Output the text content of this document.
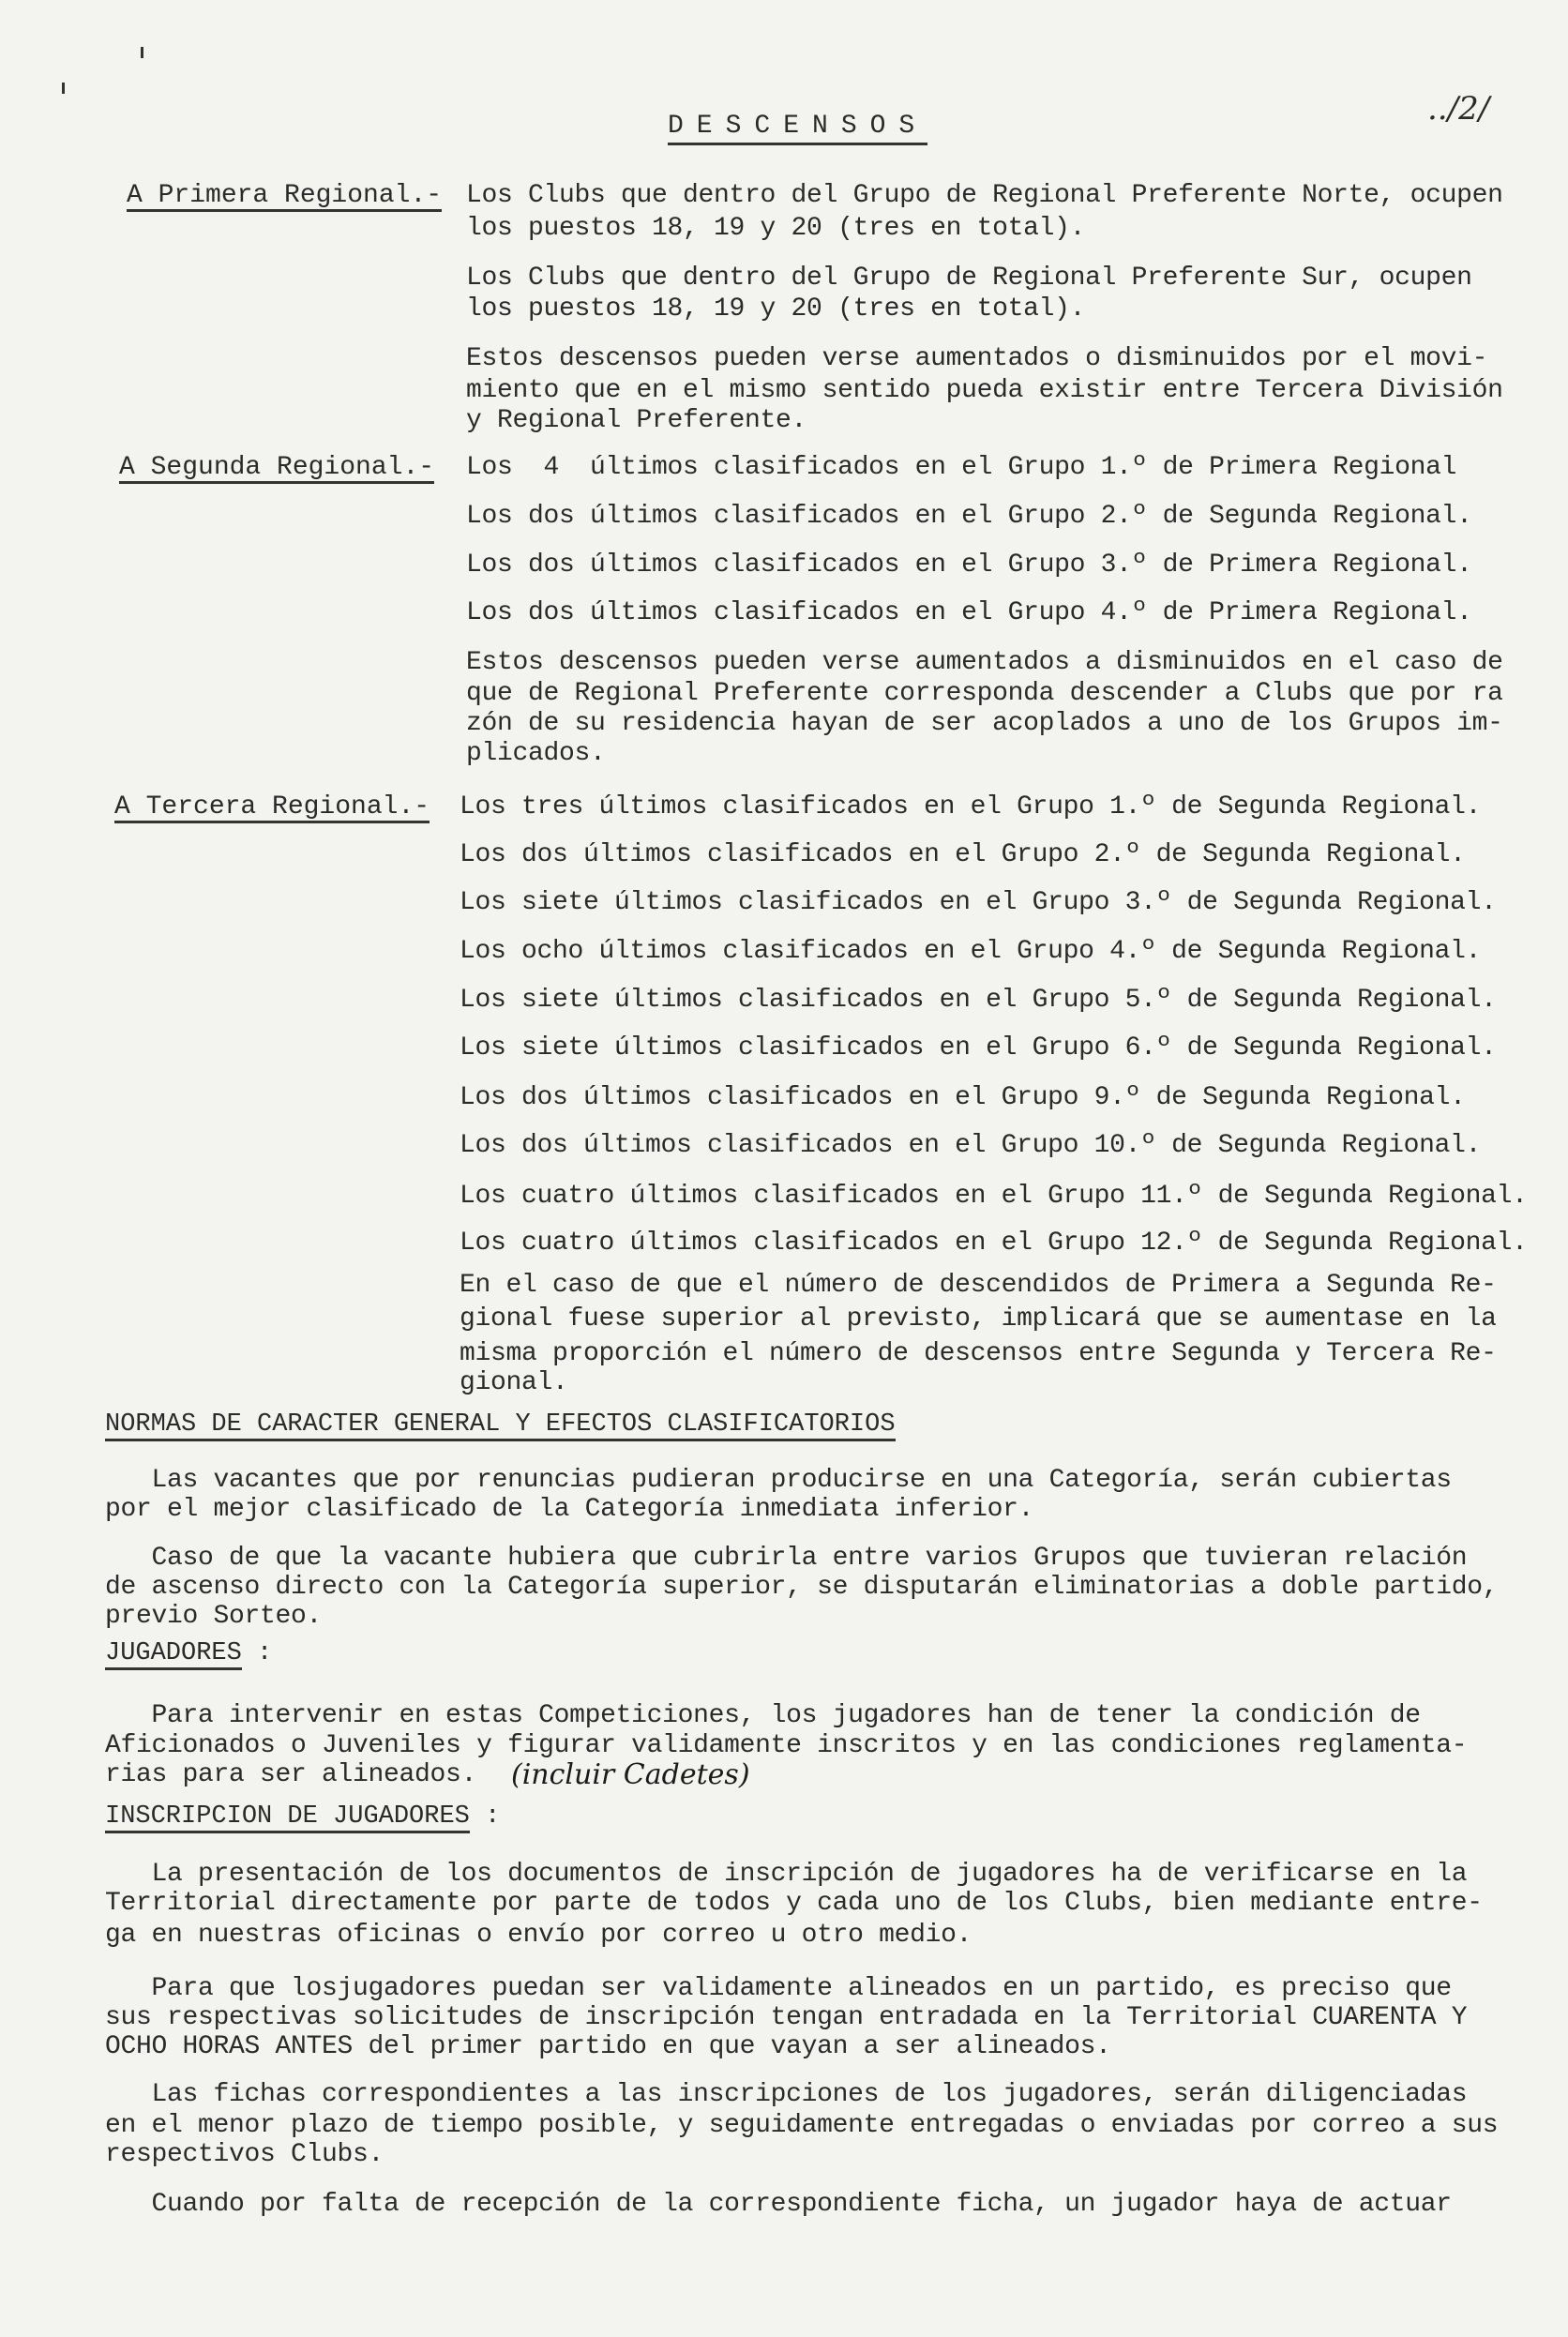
../2/
DESCENSOS
A Primera Regional.- Los Clubs que dentro del Grupo de Regional Preferente Norte, ocupen
los puestos 18, 19 y 20 (tres en total).
Los Clubs que dentro del Grupo de Regional Preferente Sur, ocupen
los puestos 18, 19 y 20 (tres en total).
Estos descensos pueden verse aumentados o disminuidos por el movi-
miento que en el mismo sentido pueda existir entre Tercera División
y Regional Preferente.
A Segunda Regional.- Los  4  últimos clasificados en el Grupo 1.º de Primera Regional
Los dos últimos clasificados en el Grupo 2.º de Segunda Regional.
Los dos últimos clasificados en el Grupo 3.º de Primera Regional.
Los dos últimos clasificados en el Grupo 4.º de Primera Regional.
Estos descensos pueden verse aumentados a disminuidos en el caso de
que de Regional Preferente corresponda descender a Clubs que por ra
zón de su residencia hayan de ser acoplados a uno de los Grupos im-
plicados.
A Tercera Regional.- Los tres últimos clasificados en el Grupo 1.º de Segunda Regional.
Los dos últimos clasificados en el Grupo 2.º de Segunda Regional.
Los siete últimos clasificados en el Grupo 3.º de Segunda Regional.
Los ocho últimos clasificados en el Grupo 4.º de Segunda Regional.
Los siete últimos clasificados en el Grupo 5.º de Segunda Regional.
Los siete últimos clasificados en el Grupo 6.º de Segunda Regional.
Los dos últimos clasificados en el Grupo 9.º de Segunda Regional.
Los dos últimos clasificados en el Grupo 10.º de Segunda Regional.
Los cuatro últimos clasificados en el Grupo 11.º de Segunda Regional.
Los cuatro últimos clasificados en el Grupo 12.º de Segunda Regional.
En el caso de que el número de descendidos de Primera a Segunda Re-
gional fuese superior al previsto, implicará que se aumentase en la
misma proporción el número de descensos entre Segunda y Tercera Re-
gional.
NORMAS DE CARACTER GENERAL Y EFECTOS CLASIFICATORIOS
Las vacantes que por renuncias pudieran producirse en una Categoría, serán cubiertas
por el mejor clasificado de la Categoría inmediata inferior.
Caso de que la vacante hubiera que cubrirla entre varios Grupos que tuvieran relación
de ascenso directo con la Categoría superior, se disputarán eliminatorias a doble partido,
previo Sorteo.
JUGADORES :
Para intervenir en estas Competiciones, los jugadores han de tener la condición de
Aficionados o Juveniles y figurar validamente inscritos y en las condiciones reglamenta-
rias para ser alineados.
INSCRIPCION DE JUGADORES :
La presentación de los documentos de inscripción de jugadores ha de verificarse en la
Territorial directamente por parte de todos y cada uno de los Clubs, bien mediante entre-
ga en nuestras oficinas o envío por correo u otro medio.
Para que losjugadores puedan ser validamente alineados en un partido, es preciso que
sus respectivas solicitudes de inscripción tengan entradada en la Territorial CUARENTA Y
OCHO HORAS ANTES del primer partido en que vayan a ser alineados.
Las fichas correspondientes a las inscripciones de los jugadores, serán diligenciadas
en el menor plazo de tiempo posible, y seguidamente entregadas o enviadas por correo a sus
respectivos Clubs.
Cuando por falta de recepción de la correspondiente ficha, un jugador haya de actuar
(incluir Cadetes)
